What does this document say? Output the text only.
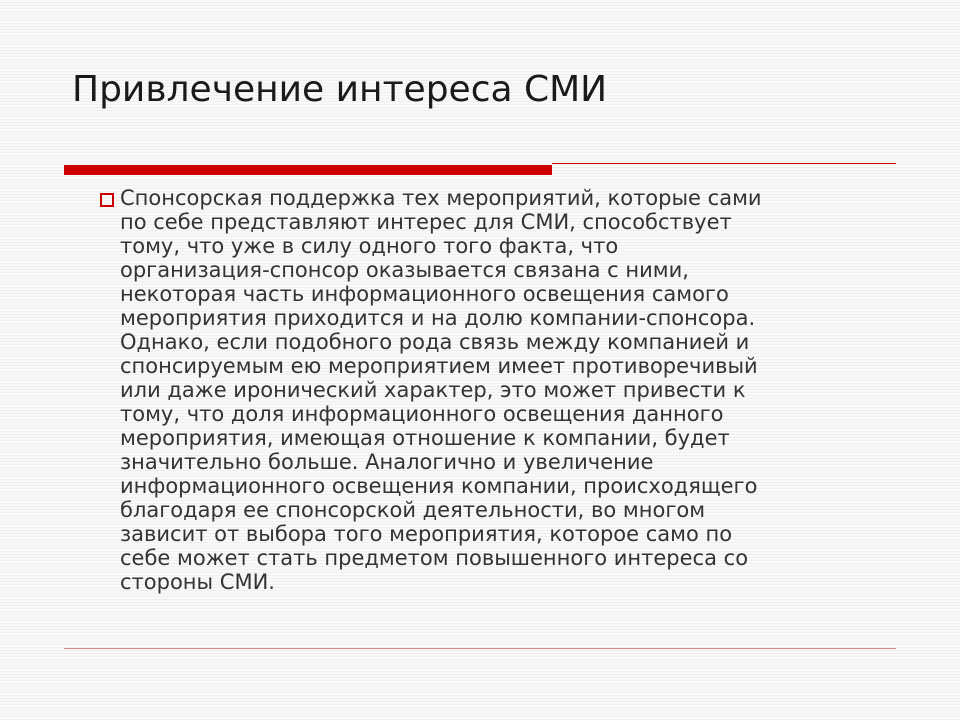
Привлечение интереса СМИ

Спонсорская поддержка тех мероприятий, которые сами
по себе представляют интерес для СМИ, способствует
тому, что уже в силу одного того факта, что
организация-спонсор оказывается связана с ними,
некоторая часть информационного освещения самого
мероприятия приходится и на долю компании-спонсора.
Однако, если подобного рода связь между компанией и
спонсируемым ею мероприятием имеет противоречивый
или даже иронический характер, это может привести к
тому, что доля информационного освещения данного
мероприятия, имеющая отношение к компании, будет
значительно больше. Аналогично и увеличение
информационного освещения компании, происходящего
благодаря ее спонсорской деятельности, во многом
зависит от выбора того мероприятия, которое само по
себе может стать предметом повышенного интереса со
стороны СМИ.
